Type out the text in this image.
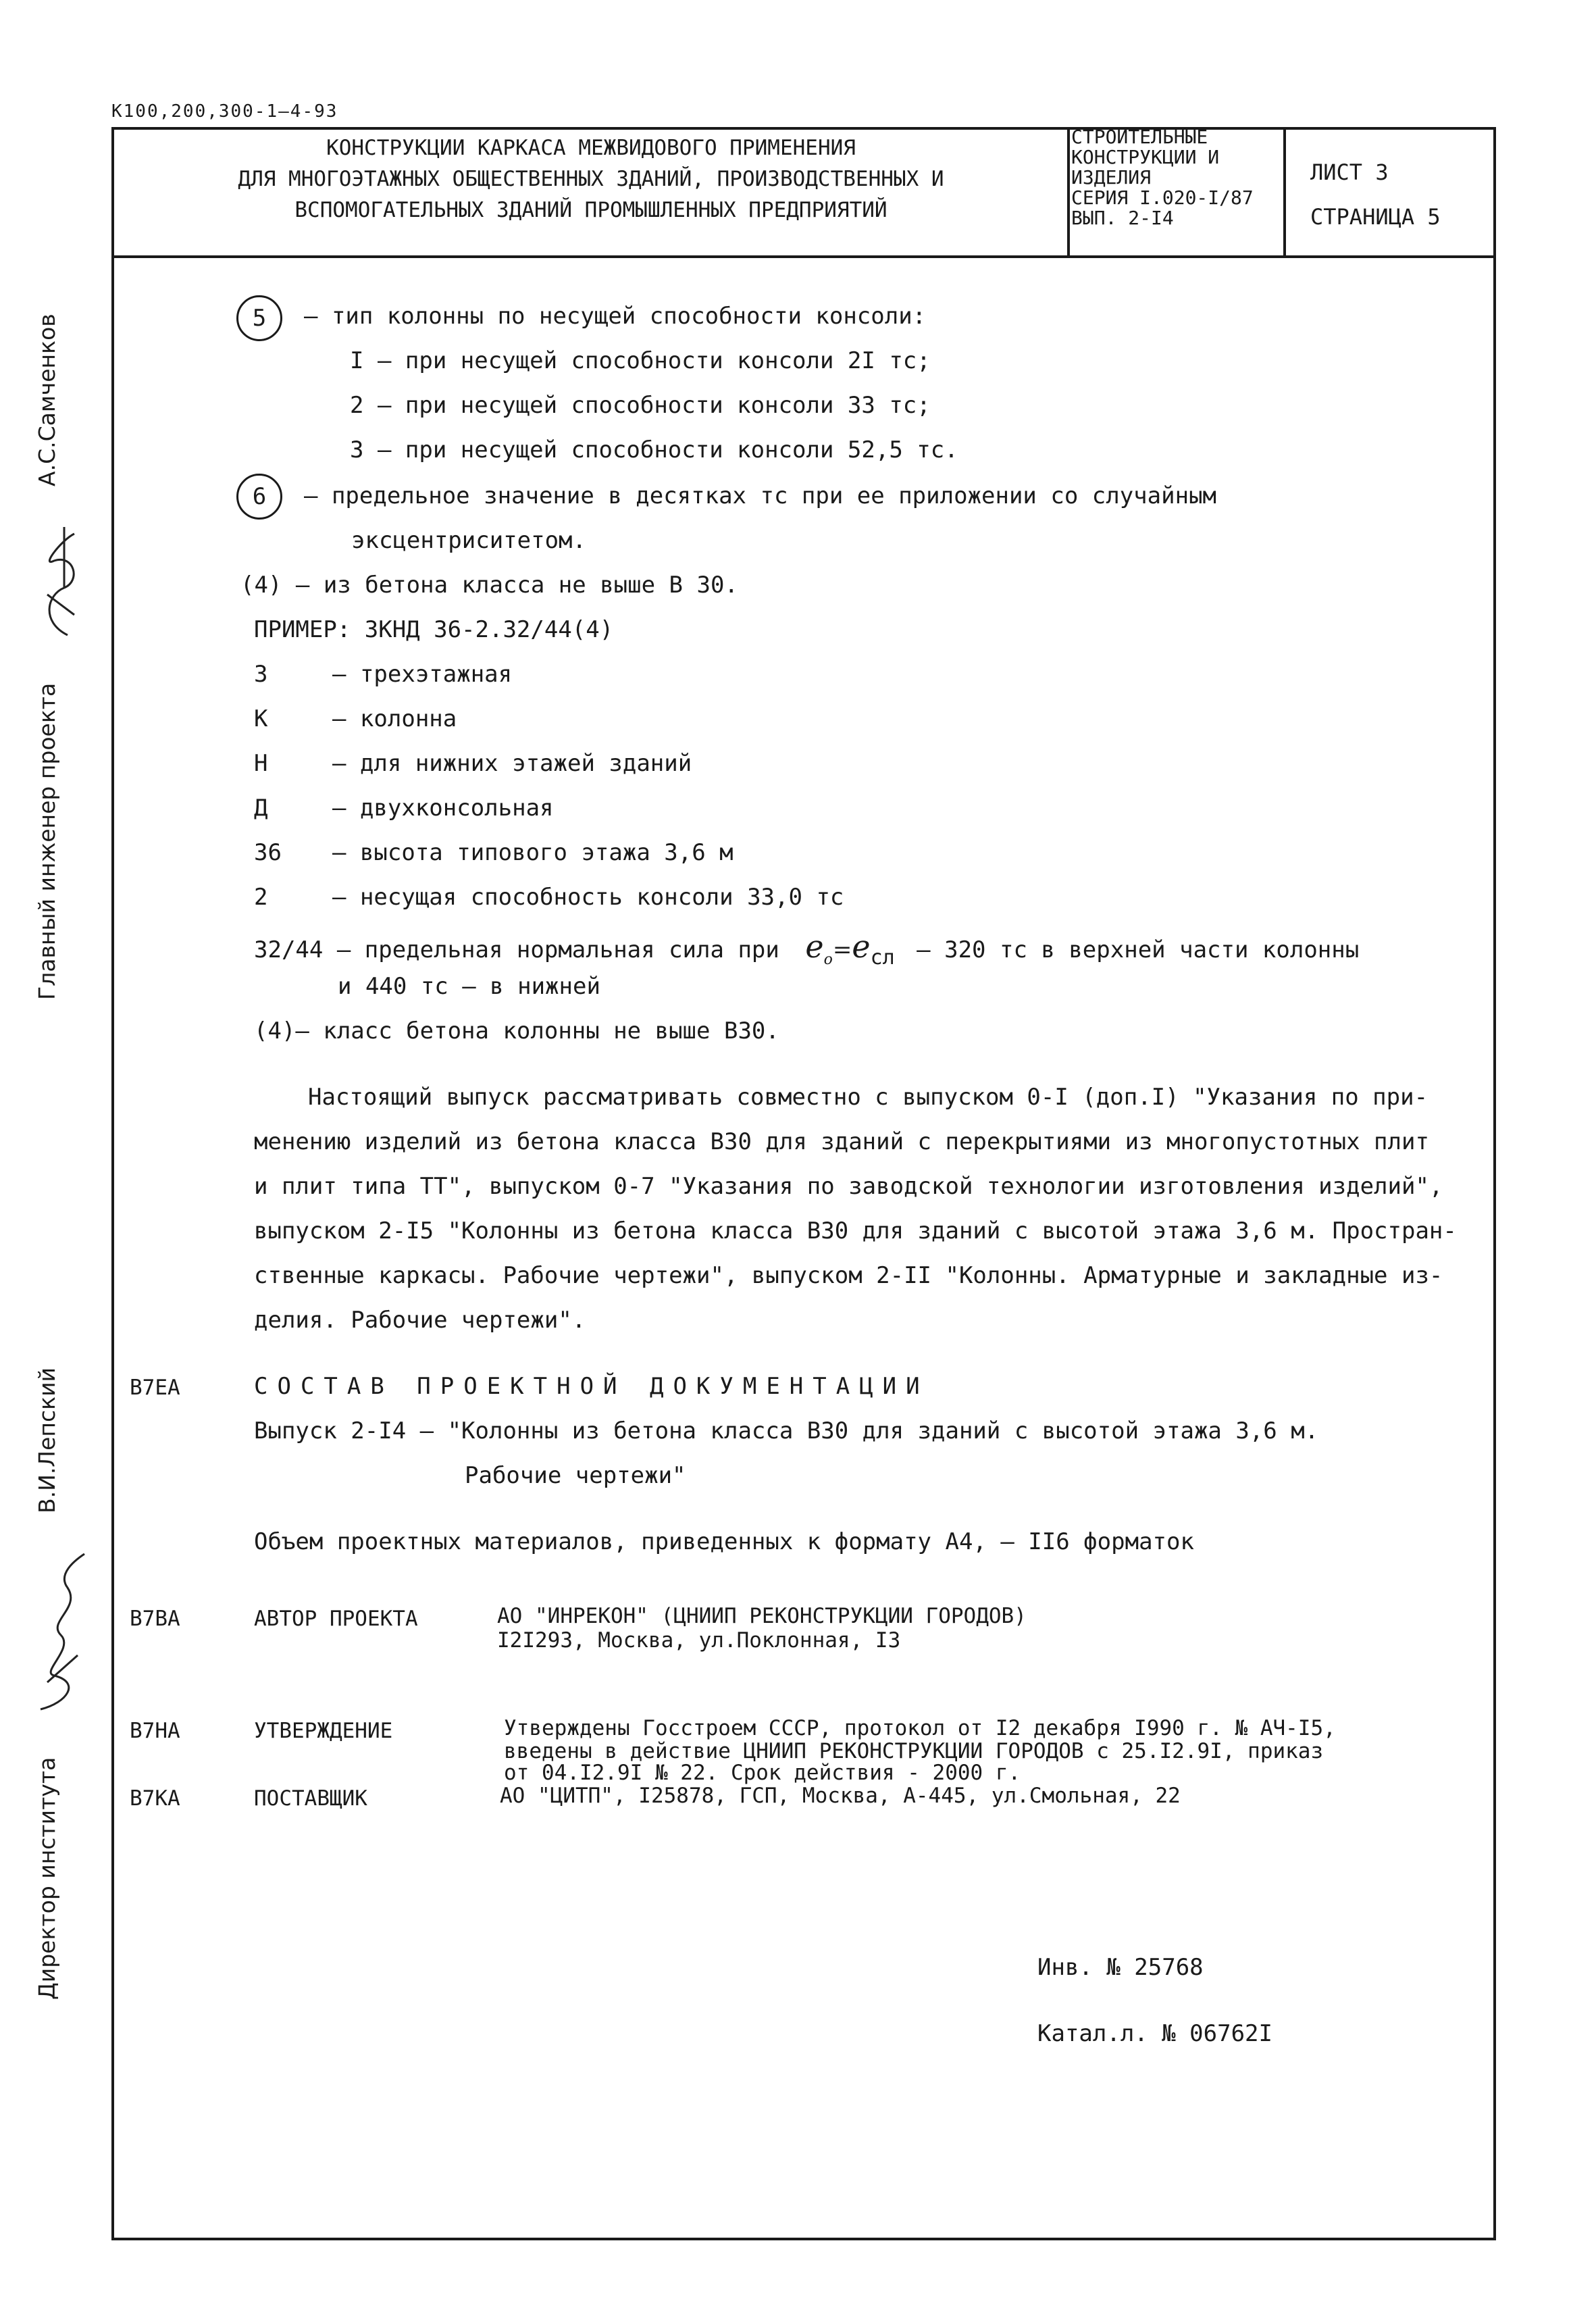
К100,200,300-1—4-93
КОНСТРУКЦИИ КАРКАСА МЕЖВИДОВОГО ПРИМЕНЕНИЯ
ДЛЯ МНОГОЭТАЖНЫХ ОБЩЕСТВЕННЫХ ЗДАНИЙ, ПРОИЗВОДСТВЕННЫХ И
ВСПОМОГАТЕЛЬНЫХ ЗДАНИЙ ПРОМЫШЛЕННЫХ ПРЕДПРИЯТИЙ
СТРОИТЕЛЬНЫЕ
КОНСТРУКЦИИ И
ИЗДЕЛИЯ
СЕРИЯ I.020-I/87
ВЫП. 2-I4
ЛИСТ 3
СТРАНИЦА 5
Главный инженер проекта
А.С.Самченков
Директор института
В.И.Лепский
5	– тип колонны по несущей способности консоли:
I – при несущей способности консоли 2I тс;
2 – при несущей способности консоли 33 тс;
3 – при несущей способности консоли 52,5 тс.
6	– предельное значение в десятках тс при ее приложении со случайным
эксцентриситетом.
(4) – из бетона класса не выше В 30.
ПРИМЕР: 3КНД 36-2.32/44(4)
3	– трехэтажная
К	– колонна
Н	– для нижних этажей зданий
Д	– двухконсольная
36 – высота типового этажа 3,6 м
2	– несущая способность консоли 33,0 тс
32/44 – предельная нормальная сила при $e_o=e_{сл} - 320$ тс в верхней части колонны
и 440 тс – в нижней
(4)– класс бетона колонны не выше В30.
Настоящий выпуск рассматривать совместно с выпуском 0-I (доп.I) "Указания по при-
менению изделий из бетона класса В30 для зданий с перекрытиями из многопустотных плит
и плит типа ТТ", выпуском 0-7 "Указания по заводской технологии изготовления изделий",
выпуском 2-I5 "Колонны из бетона класса В30 для зданий с высотой этажа 3,6 м. Простран-
ственные каркасы. Рабочие чертежи", выпуском 2-II "Колонны. Арматурные и закладные из-
делия. Рабочие чертежи".
В7ЕА	СОСТАВ ПРОЕКТНОЙ ДОКУМЕНТАЦИИ
Выпуск 2-I4 – "Колонны из бетона класса В30 для зданий с высотой этажа 3,6 м.
Рабочие чертежи"
Объем проектных материалов, приведенных к формату А4, – II6 форматок
В7ВА	АВТОР ПРОЕКТА	АО "ИНРЕКОН" (ЦНИИП РЕКОНСТРУКЦИИ ГОРОДОВ)
I2I293, Москва, ул.Поклонная, I3
В7НА	УТВЕРЖДЕНИЕ	Утверждены Госстроем СССР, протокол от I2 декабря I990 г. № АЧ-I5,
введены в действие ЦНИИП РЕКОНСТРУКЦИИ ГОРОДОВ с 25.I2.9I, приказ
от 04.I2.9I № 22. Срок действия - 2000 г.
В7КА	ПОСТАВЩИК	АО "ЦИТП", I25878, ГСП, Москва, А-445, ул.Смольная, 22
Инв. № 25768
Катал.л. № 06762I
